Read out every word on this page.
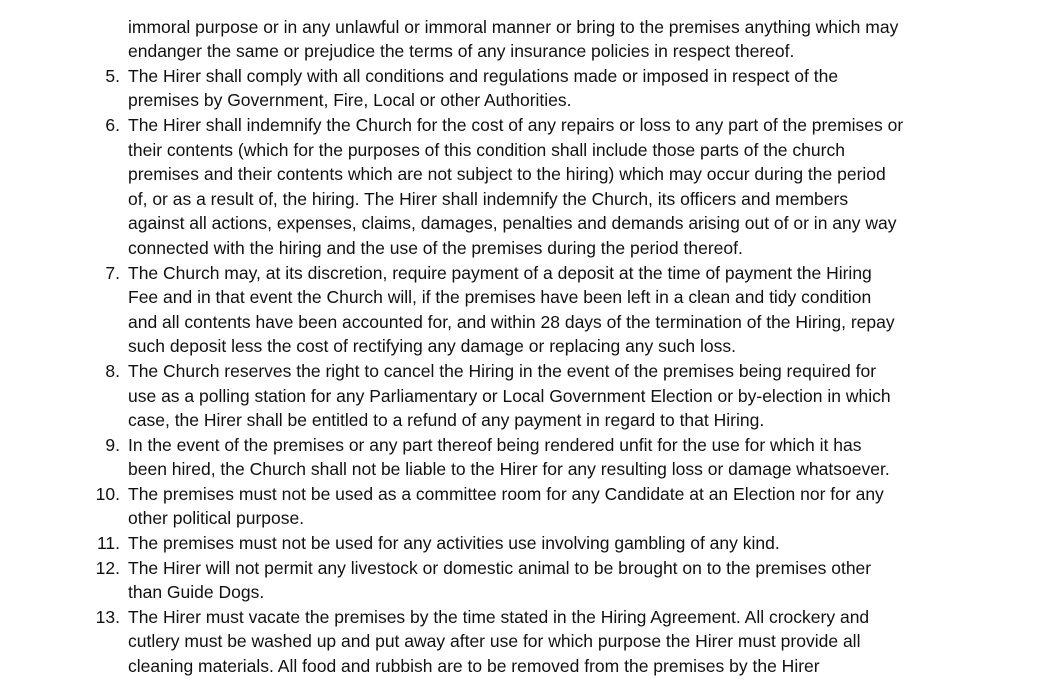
immoral purpose or in any unlawful or immoral manner or bring to the premises anything which may
endanger the same or prejudice the terms of any insurance policies in respect thereof.
5. The Hirer shall comply with all conditions and regulations made or imposed in respect of the
premises by Government, Fire, Local or other Authorities.
6. The Hirer shall indemnify the Church for the cost of any repairs or loss to any part of the premises or
their contents (which for the purposes of this condition shall include those parts of the church
premises and their contents which are not subject to the hiring) which may occur during the period
of, or as a result of, the hiring. The Hirer shall indemnify the Church, its officers and members
against all actions, expenses, claims, damages, penalties and demands arising out of or in any way
connected with the hiring and the use of the premises during the period thereof.
7. The Church may, at its discretion, require payment of a deposit at the time of payment the Hiring
Fee and in that event the Church will, if the premises have been left in a clean and tidy condition
and all contents have been accounted for, and within 28 days of the termination of the Hiring, repay
such deposit less the cost of rectifying any damage or replacing any such loss.
8. The Church reserves the right to cancel the Hiring in the event of the premises being required for
use as a polling station for any Parliamentary or Local Government Election or by-election in which
case, the Hirer shall be entitled to a refund of any payment in regard to that Hiring.
9. In the event of the premises or any part thereof being rendered unfit for the use for which it has
been hired, the Church shall not be liable to the Hirer for any resulting loss or damage whatsoever.
10. The premises must not be used as a committee room for any Candidate at an Election nor for any
other political purpose.
11. The premises must not be used for any activities use involving gambling of any kind.
12. The Hirer will not permit any livestock or domestic animal to be brought on to the premises other
than Guide Dogs.
13. The Hirer must vacate the premises by the time stated in the Hiring Agreement. All crockery and
cutlery must be washed up and put away after use for which purpose the Hirer must provide all
cleaning materials. All food and rubbish are to be removed from the premises by the Hirer
